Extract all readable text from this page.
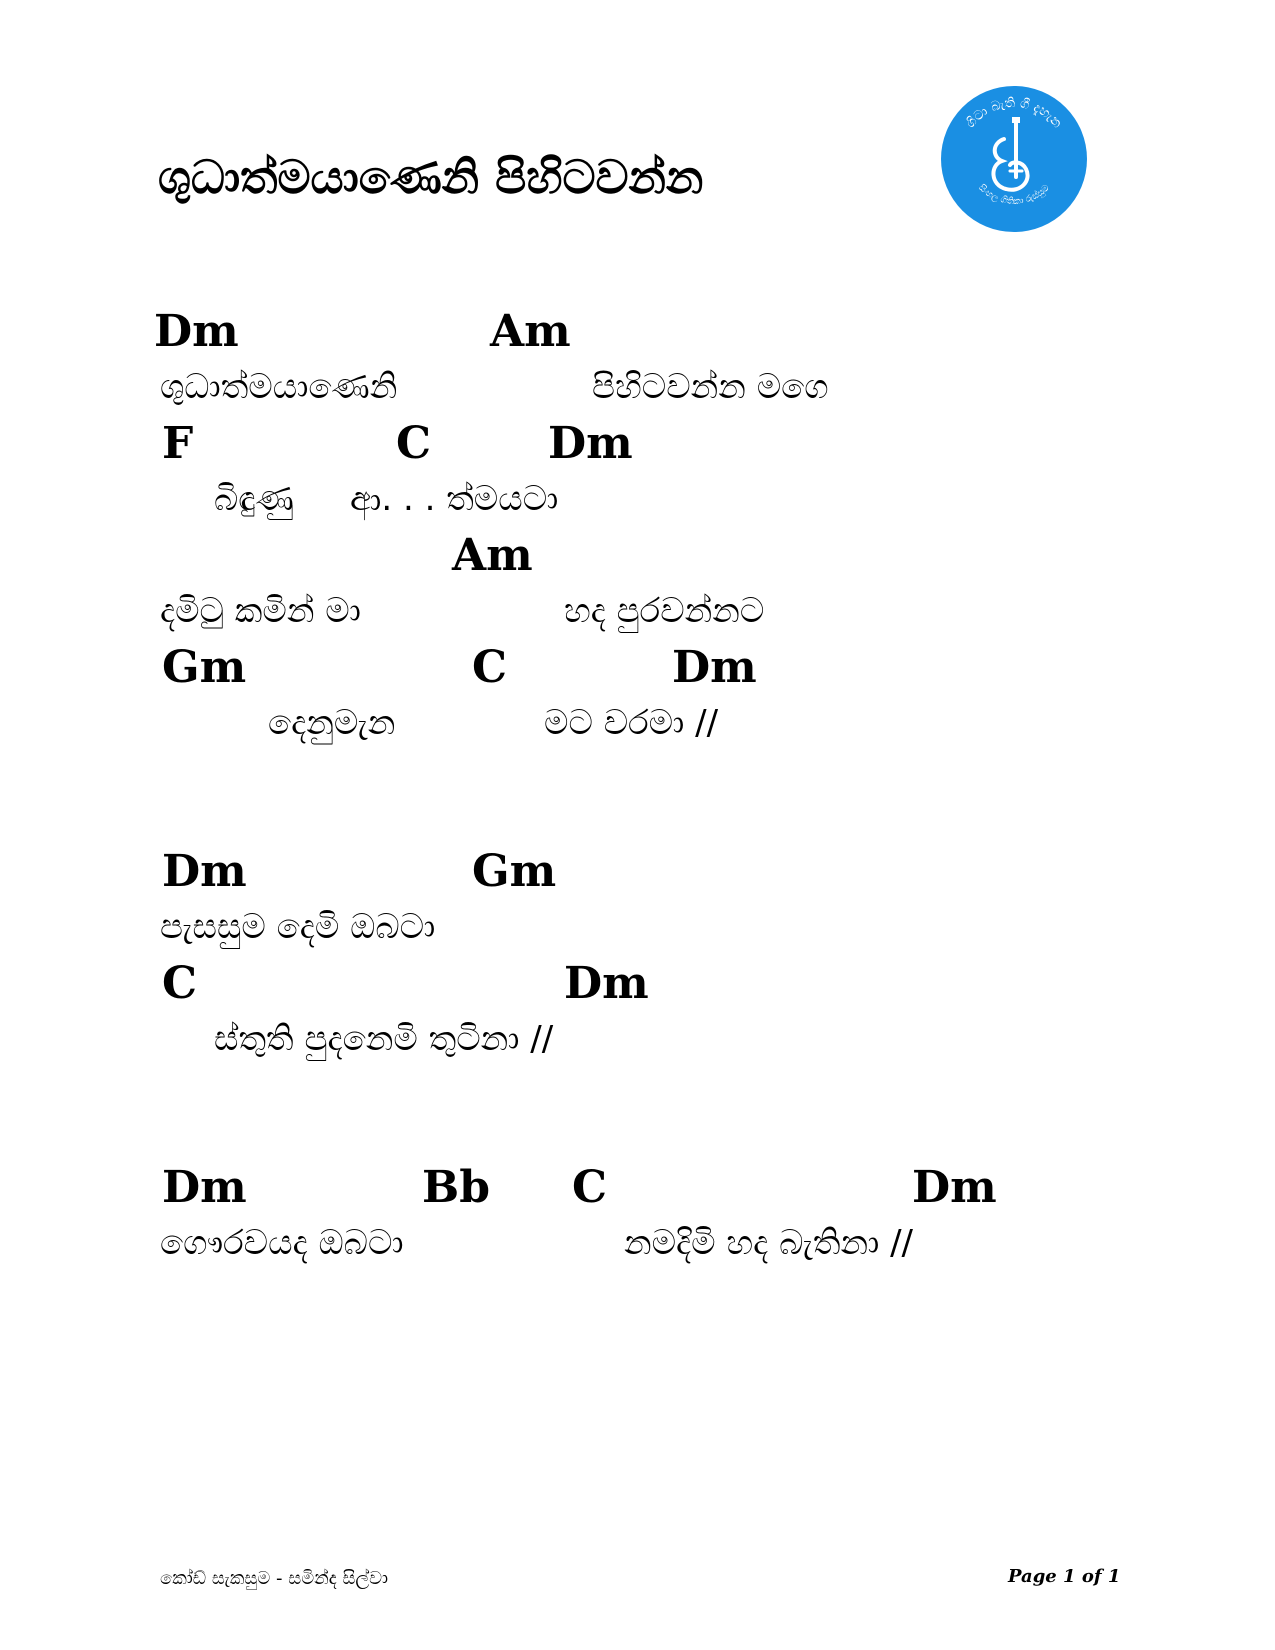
ශුධාත්මයාණෙනි පිහිටවන්න
ගිටා බැති ගී දැහැන
සිංහල ගිතිකා රුස්සුම
Dm	Am
ශුධාත්මයාණෙනි	පිහිටවන්න මගෙ
F	C	Dm
බිඳුණු ආ. . . ත්මයටා
Am
දමිටු කමින් මා	හද පුරවන්නට
Gm	C	Dm
දෙනුමැන	මට වරමා //
Dm	Gm
පැසසුම දෙමි ඔබටා
C	Dm
ස්තුති පුදනෙමි තුටිනා //
Dm	Bb C	Dm
ගෞරවයද ඔබටා	නමදිමි හද බැතිනා //
කෝඩ් සැකසුම - සමින්ද සිල්වා	Page 1 of 1
